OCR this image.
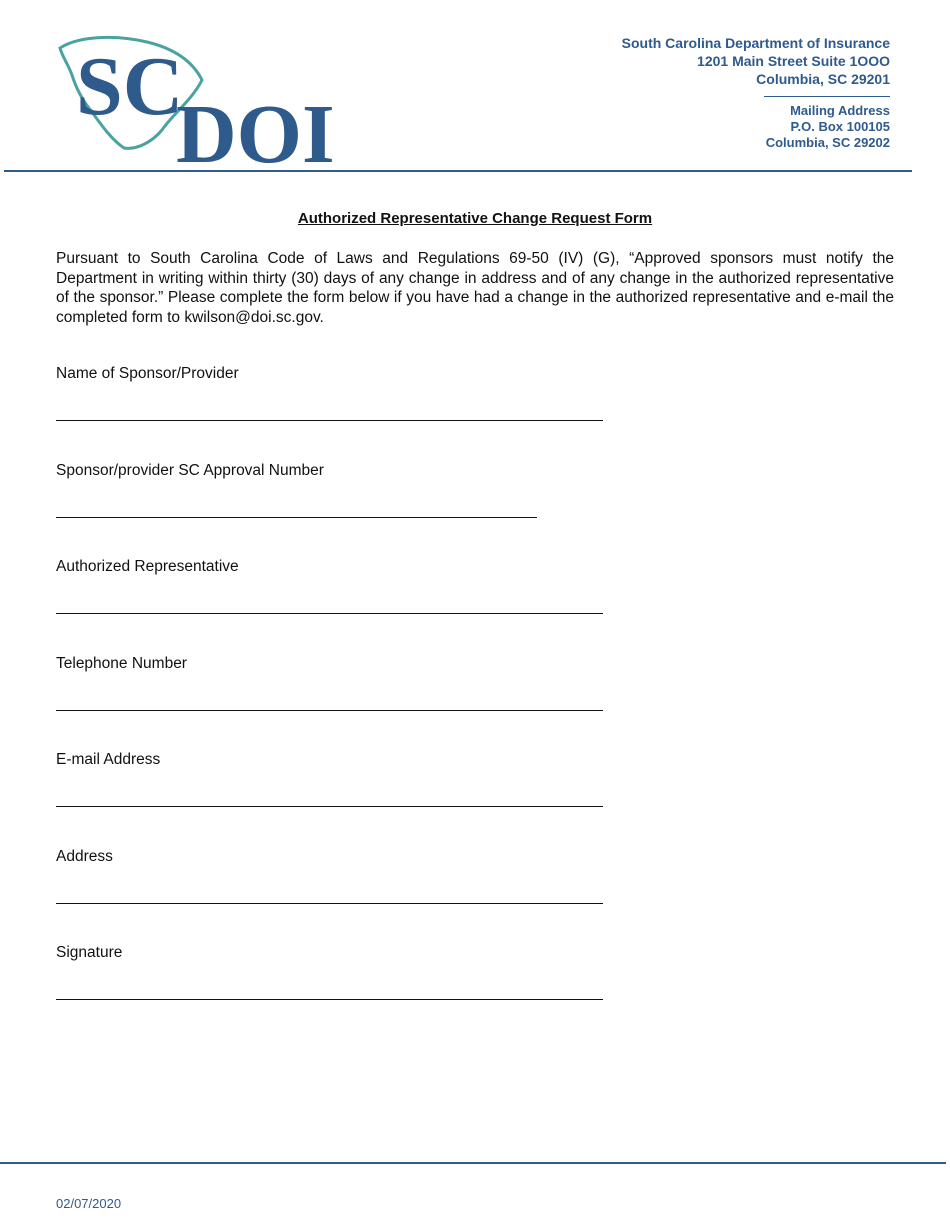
SC
DOI
South Carolina Department of Insurance
1201 Main Street Suite 1OOO
Columbia, SC 29201
Mailing Address
P.O. Box 100105
Columbia, SC 29202
Authorized Representative Change Request Form
Pursuant to South Carolina Code of Laws and Regulations 69-50 (IV) (G), “Approved sponsors must notify the Department in writing within thirty (30) days of any change in address and of any change in the authorized representative of the sponsor.” Please complete the form below if you have had a change in the authorized representative and e-mail the completed form to kwilson@doi.sc.gov.
Name of Sponsor/Provider
Sponsor/provider SC Approval Number
Authorized Representative
Telephone Number
E-mail Address
Address
Signature
02/07/2020
